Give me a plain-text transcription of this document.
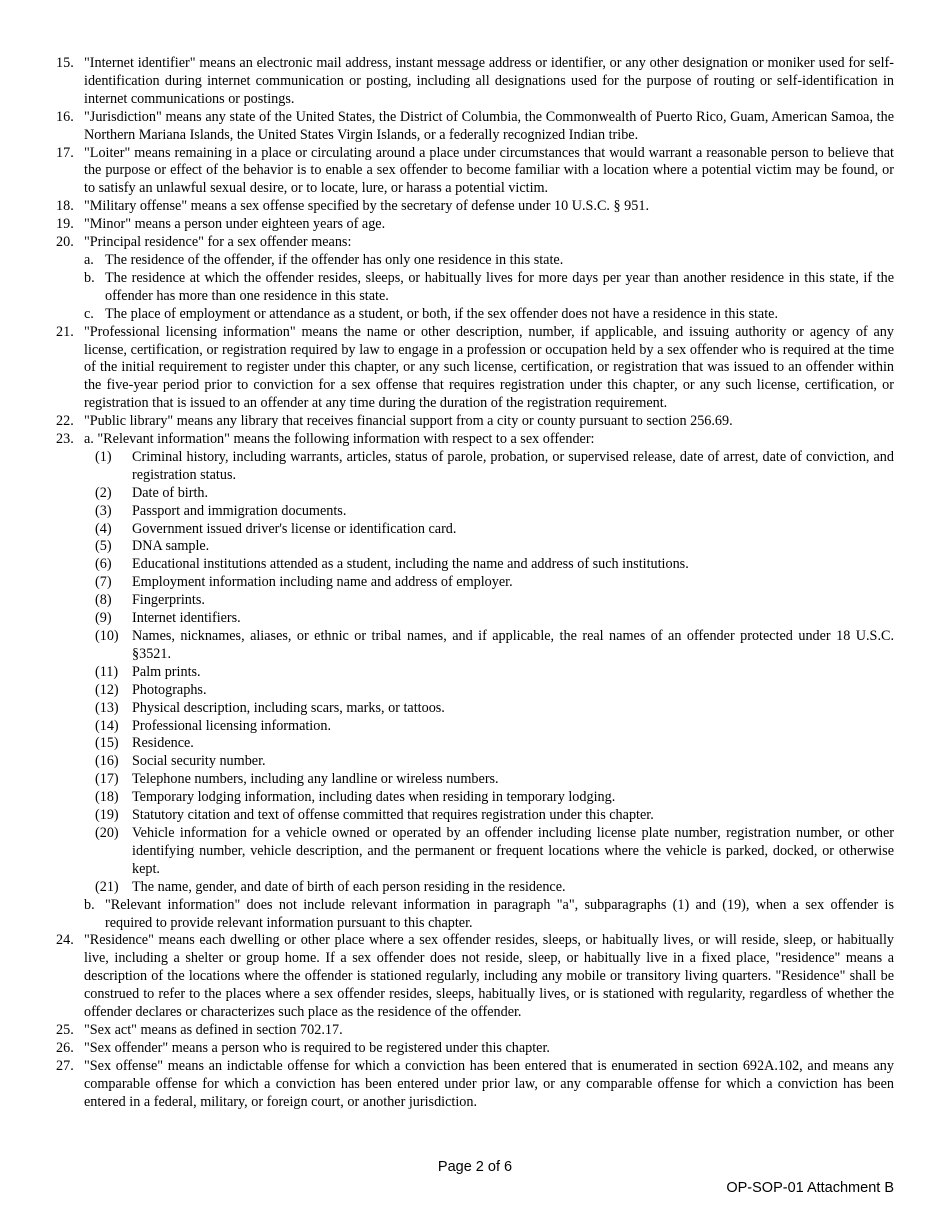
15. "Internet identifier" means an electronic mail address, instant message address or identifier, or any other designation or moniker used for self-identification during internet communication or posting, including all designations used for the purpose of routing or self-identification in internet communications or postings.
16. "Jurisdiction" means any state of the United States, the District of Columbia, the Commonwealth of Puerto Rico, Guam, American Samoa, the Northern Mariana Islands, the United States Virgin Islands, or a federally recognized Indian tribe.
17. "Loiter" means remaining in a place or circulating around a place under circumstances that would warrant a reasonable person to believe that the purpose or effect of the behavior is to enable a sex offender to become familiar with a location where a potential victim may be found, or to satisfy an unlawful sexual desire, or to locate, lure, or harass a potential victim.
18. "Military offense" means a sex offense specified by the secretary of defense under 10 U.S.C. § 951.
19. "Minor" means a person under eighteen years of age.
20. "Principal residence" for a sex offender means:
a. The residence of the offender, if the offender has only one residence in this state.
b. The residence at which the offender resides, sleeps, or habitually lives for more days per year than another residence in this state, if the offender has more than one residence in this state.
c. The place of employment or attendance as a student, or both, if the sex offender does not have a residence in this state.
21. "Professional licensing information" means the name or other description, number, if applicable, and issuing authority or agency of any license, certification, or registration required by law to engage in a profession or occupation held by a sex offender who is required at the time of the initial requirement to register under this chapter, or any such license, certification, or registration that was issued to an offender within the five-year period prior to conviction for a sex offense that requires registration under this chapter, or any such license, certification, or registration that is issued to an offender at any time during the duration of the registration requirement.
22. "Public library" means any library that receives financial support from a city or county pursuant to section 256.69.
23. a. "Relevant information" means the following information with respect to a sex offender:
(1)	Criminal history, including warrants, articles, status of parole, probation, or supervised release, date of arrest, date of conviction, and registration status.
(2)	Date of birth.
(3)	Passport and immigration documents.
(4)	Government issued driver's license or identification card.
(5)	DNA sample.
(6)	Educational institutions attended as a student, including the name and address of such institutions.
(7)	Employment information including name and address of employer.
(8)	Fingerprints.
(9)	Internet identifiers.
(10) Names, nicknames, aliases, or ethnic or tribal names, and if applicable, the real names of an offender protected under 18 U.S.C. §3521.
(11) Palm prints.
(12) Photographs.
(13) Physical description, including scars, marks, or tattoos.
(14) Professional licensing information.
(15) Residence.
(16) Social security number.
(17) Telephone numbers, including any landline or wireless numbers.
(18) Temporary lodging information, including dates when residing in temporary lodging.
(19) Statutory citation and text of offense committed that requires registration under this chapter.
(20) Vehicle information for a vehicle owned or operated by an offender including license plate number, registration number, or other identifying number, vehicle description, and the permanent or frequent locations where the vehicle is parked, docked, or otherwise kept.
(21) The name, gender, and date of birth of each person residing in the residence.
b. "Relevant information" does not include relevant information in paragraph "a", subparagraphs (1) and (19), when a sex offender is required to provide relevant information pursuant to this chapter.
24. "Residence" means each dwelling or other place where a sex offender resides, sleeps, or habitually lives, or will reside, sleep, or habitually live, including a shelter or group home. If a sex offender does not reside, sleep, or habitually live in a fixed place, "residence" means a description of the locations where the offender is stationed regularly, including any mobile or transitory living quarters. "Residence" shall be construed to refer to the places where a sex offender resides, sleeps, habitually lives, or is stationed with regularity, regardless of whether the offender declares or characterizes such place as the residence of the offender.
25. "Sex act" means as defined in section 702.17.
26. "Sex offender" means a person who is required to be registered under this chapter.
27. "Sex offense" means an indictable offense for which a conviction has been entered that is enumerated in section 692A.102, and means any comparable offense for which a conviction has been entered under prior law, or any comparable offense for which a conviction has been entered in a federal, military, or foreign court, or another jurisdiction.
Page 2 of 6
OP-SOP-01 Attachment B
